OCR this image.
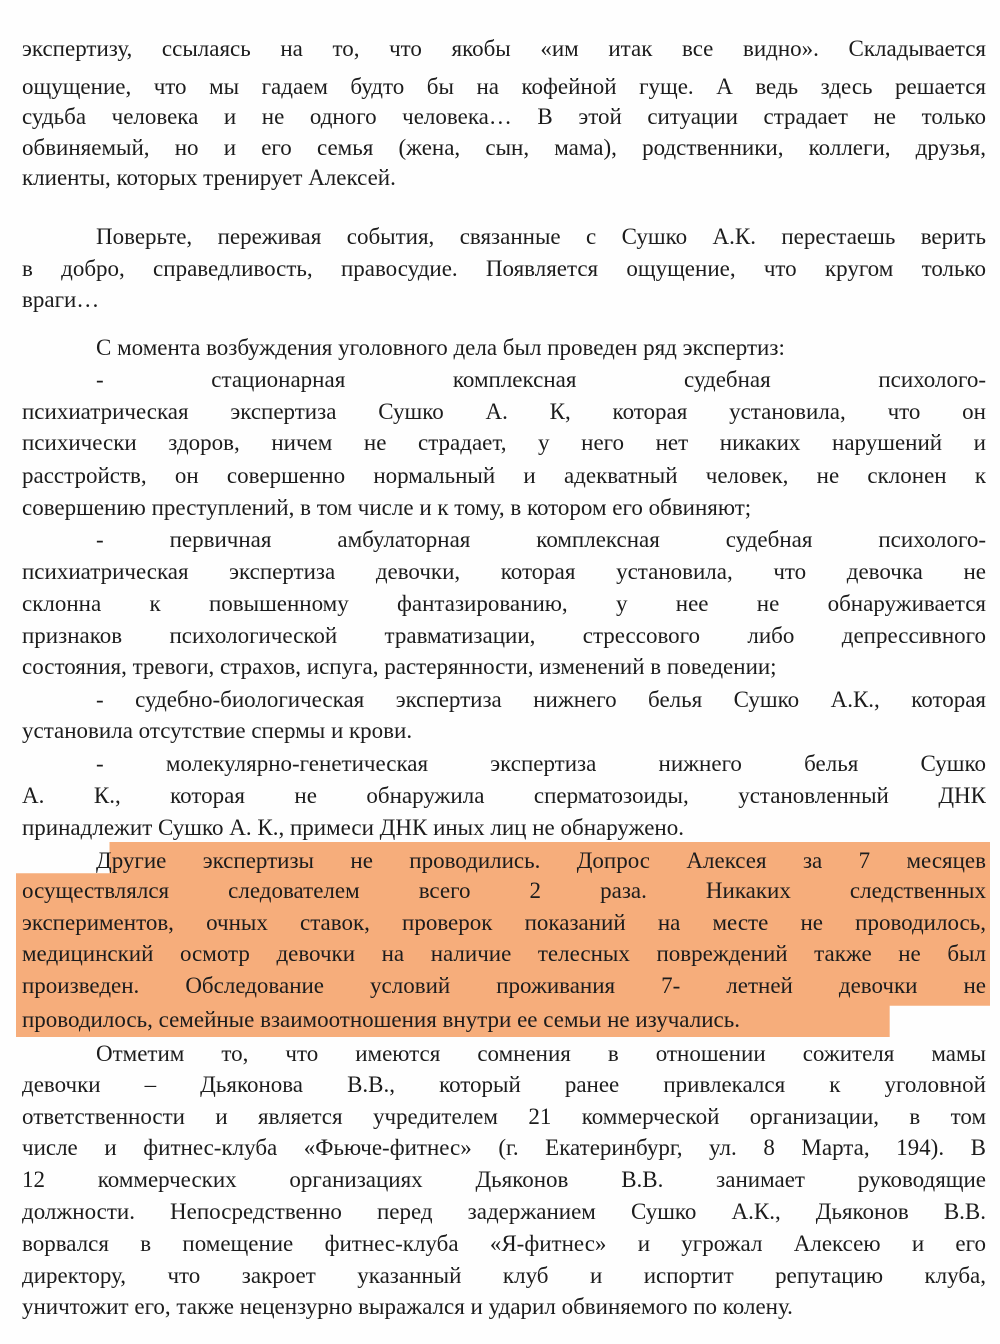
экспертизу, ссылаясь на то, что якобы «им итак все видно». Складывается
ощущение, что мы гадаем будто бы на кофейной гуще. А ведь здесь решается
судьба человека и не одного человека… В этой ситуации страдает не только
обвиняемый, но и его семья (жена, сын, мама), родственники, коллеги, друзья,
клиенты, которых тренирует Алексей.
Поверьте, переживая события, связанные с Сушко А.К. перестаешь верить
в добро, справедливость, правосудие. Появляется ощущение, что кругом только
враги…
С момента возбуждения уголовного дела был проведен ряд экспертиз:
- стационарная комплексная судебная психолого-
психиатрическая экспертиза Сушко А. К, которая установила, что он
психически здоров, ничем не страдает, у него нет никаких нарушений и
расстройств, он совершенно нормальный и адекватный человек, не склонен к
совершению преступлений, в том числе и к тому, в котором его обвиняют;
- первичная амбулаторная комплексная судебная психолого-
психиатрическая экспертиза девочки, которая установила, что девочка не
склонна к повышенному фантазированию, у нее не обнаруживается
признаков психологической травматизации, стрессового либо депрессивного
состояния, тревоги, страхов, испуга, растерянности, изменений в поведении;
- судебно-биологическая экспертиза нижнего белья Сушко А.К., которая
установила отсутствие спермы и крови.
- молекулярно-генетическая экспертиза нижнего белья Сушко
А. К., которая не обнаружила сперматозоиды, установленный ДНК
принадлежит Сушко А. К., примеси ДНК иных лиц не обнаружено.
Другие экспертизы не проводились. Допрос Алексея за 7 месяцев
осуществлялся следователем всего 2 раза. Никаких следственных
экспериментов, очных ставок, проверок показаний на месте не проводилось,
медицинский осмотр девочки на наличие телесных повреждений также не был
произведен. Обследование условий проживания 7- летней девочки не
проводилось, семейные взаимоотношения внутри ее семьи не изучались.
Отметим то, что имеются сомнения в отношении сожителя мамы
девочки – Дьяконова В.В., который ранее привлекался к уголовной
ответственности и является учредителем 21 коммерческой организации, в том
числе и фитнес-клуба «Фьюче-фитнес» (г. Екатеринбург, ул. 8 Марта, 194). В
12 коммерческих организациях Дьяконов В.В. занимает руководящие
должности. Непосредственно перед задержанием Сушко А.К., Дьяконов В.В.
ворвался в помещение фитнес-клуба «Я-фитнес» и угрожал Алексею и его
директору, что закроет указанный клуб и испортит репутацию клуба,
уничтожит его, также нецензурно выражался и ударил обвиняемого по колену.
